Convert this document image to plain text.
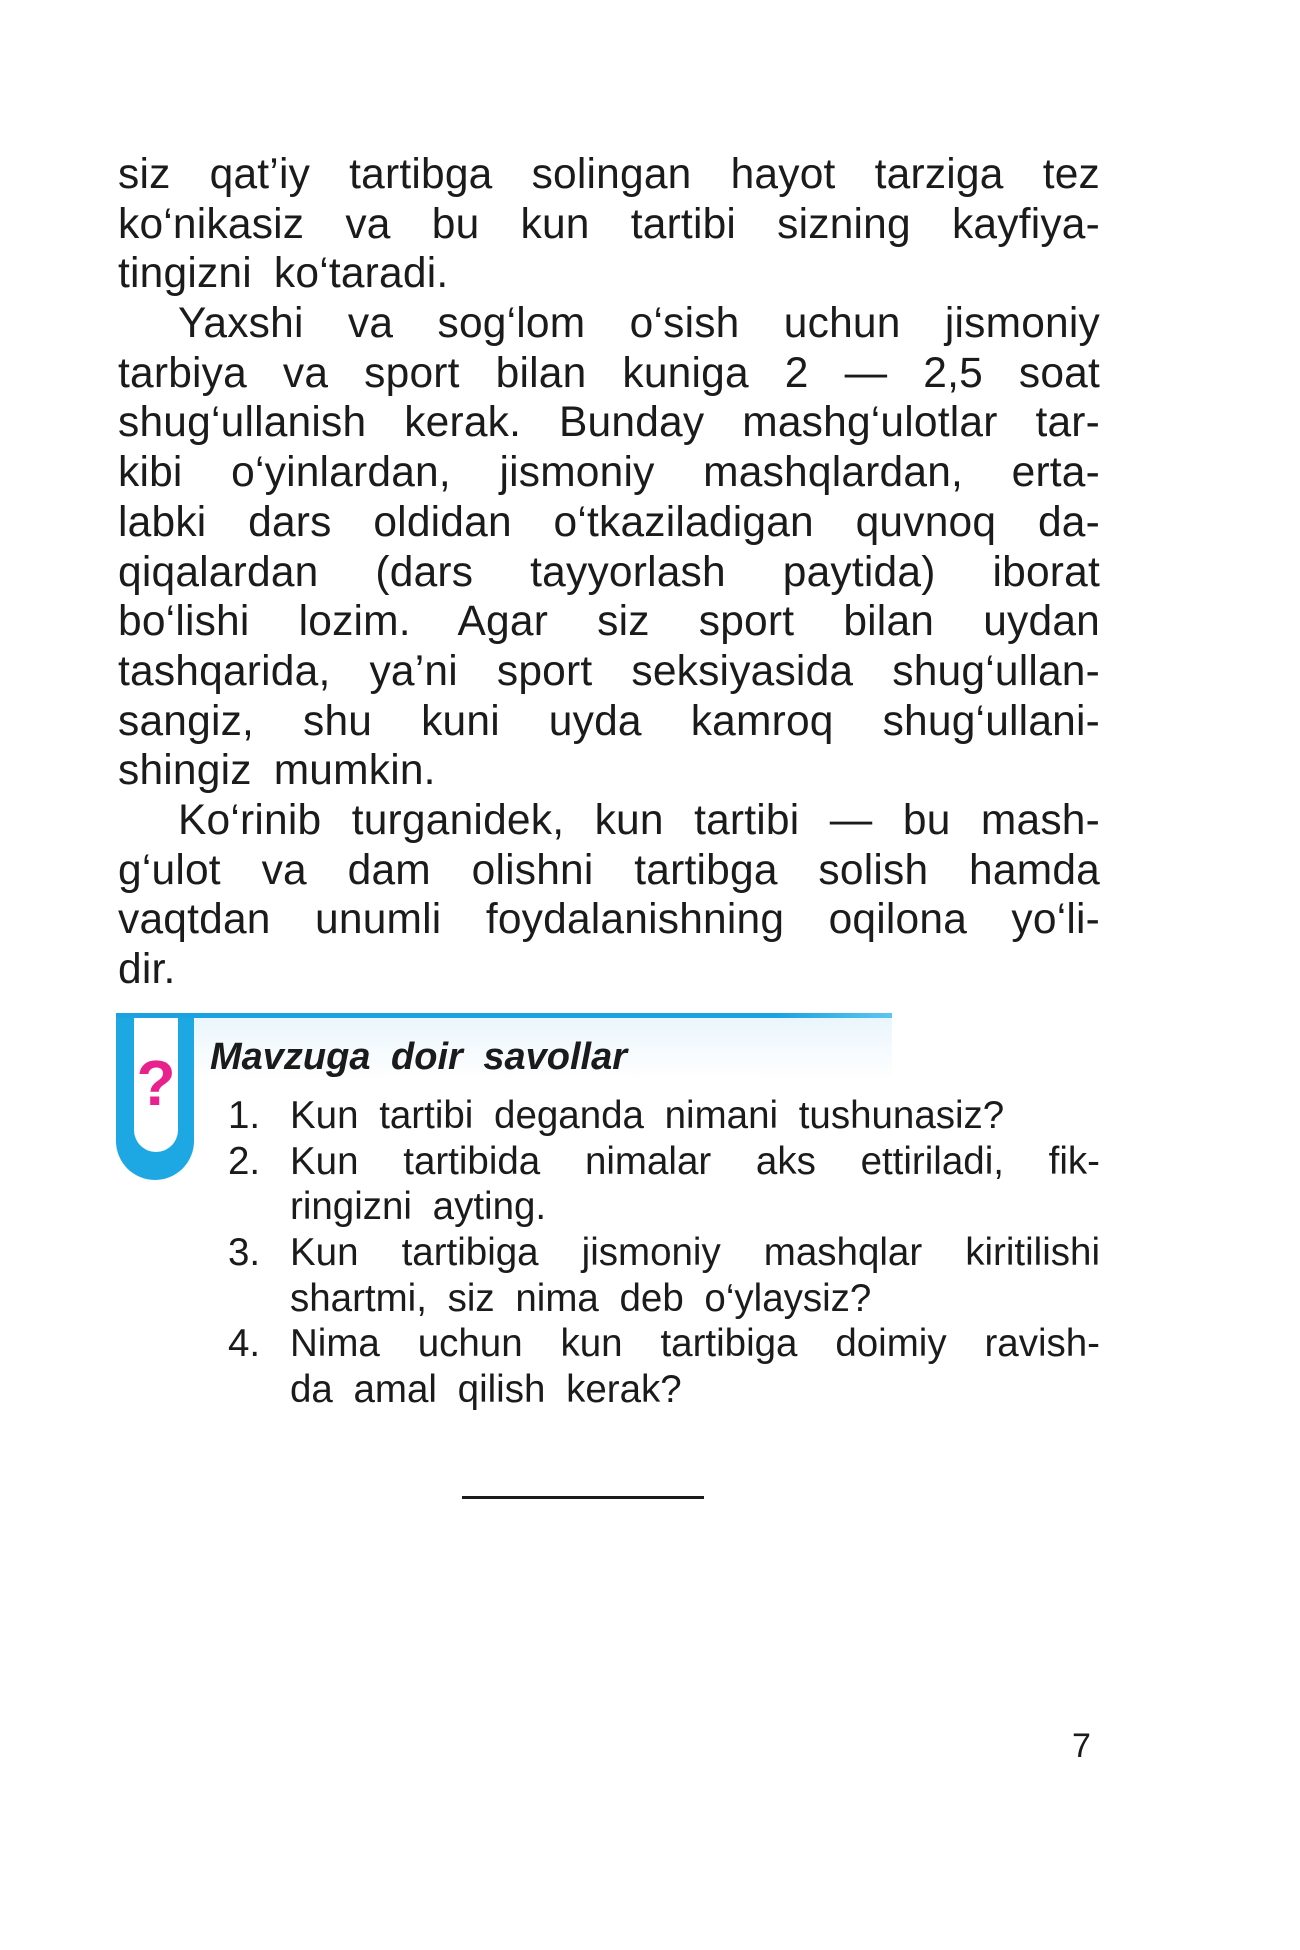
siz qat’iy tartibga solingan hayot tarziga tez
ko‘nikasiz va bu kun tartibi sizning kayfiya-
tingizni ko‘taradi.
Yaxshi va sog‘lom o‘sish uchun jismoniy
tarbiya va sport bilan kuniga 2 — 2,5 soat
shug‘ullanish kerak. Bunday mashg‘ulotlar tar-
kibi o‘yinlardan, jismoniy mashqlardan, erta-
labki dars oldidan o‘tkaziladigan quvnoq da-
qiqalardan (dars tayyorlash paytida) iborat
bo‘lishi lozim. Agar siz sport bilan uydan
tashqarida, ya’ni sport seksiyasida shug‘ullan-
sangiz, shu kuni uyda kamroq shug‘ullani-
shingiz mumkin.
Ko‘rinib turganidek, kun tartibi — bu mash-
g‘ulot va dam olishni tartibga solish hamda
vaqtdan unumli foydalanishning oqilona yo‘li-
dir.
? Mavzuga doir savollar
1. Kun tartibi deganda nimani tushunasiz?
2. Kun tartibida nimalar aks ettiriladi, fik-
ringizni ayting.
3. Kun tartibiga jismoniy mashqlar kiritilishi
shartmi, siz nima deb o‘ylaysiz?
4. Nima uchun kun tartibiga doimiy ravish-
da amal qilish kerak?
7
